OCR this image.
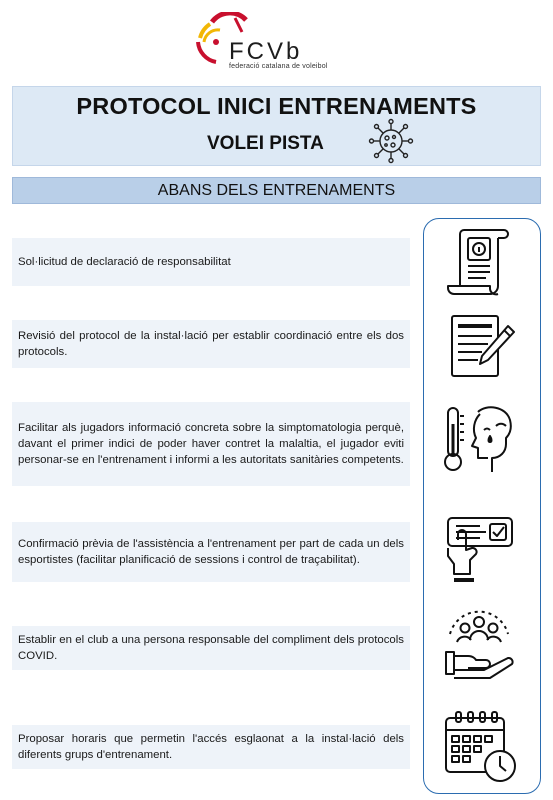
FCVb
federació catalana de voleibol
PROTOCOL INICI ENTRENAMENTS
VOLEI PISTA
ABANS DELS ENTRENAMENTS
Sol·licitud de declaració de responsabilitat
Revisió del protocol de la instal·lació per establir coordinació entre els dos protocols.
Facilitar als jugadors informació concreta sobre la simptomatologia perquè, davant el primer indici de poder haver contret la malaltia, el jugador eviti personar-se en l'entrenament i informi a les autoritats sanitàries competents.
Confirmació prèvia de l'assistència a l'entrenament per part de cada un dels esportistes (facilitar planificació de sessions i control de traçabilitat).
Establir en el club a una persona responsable del compliment dels protocols COVID.
Proposar horaris que permetin l'accés esglaonat a la instal·lació dels diferents grups d'entrenament.
